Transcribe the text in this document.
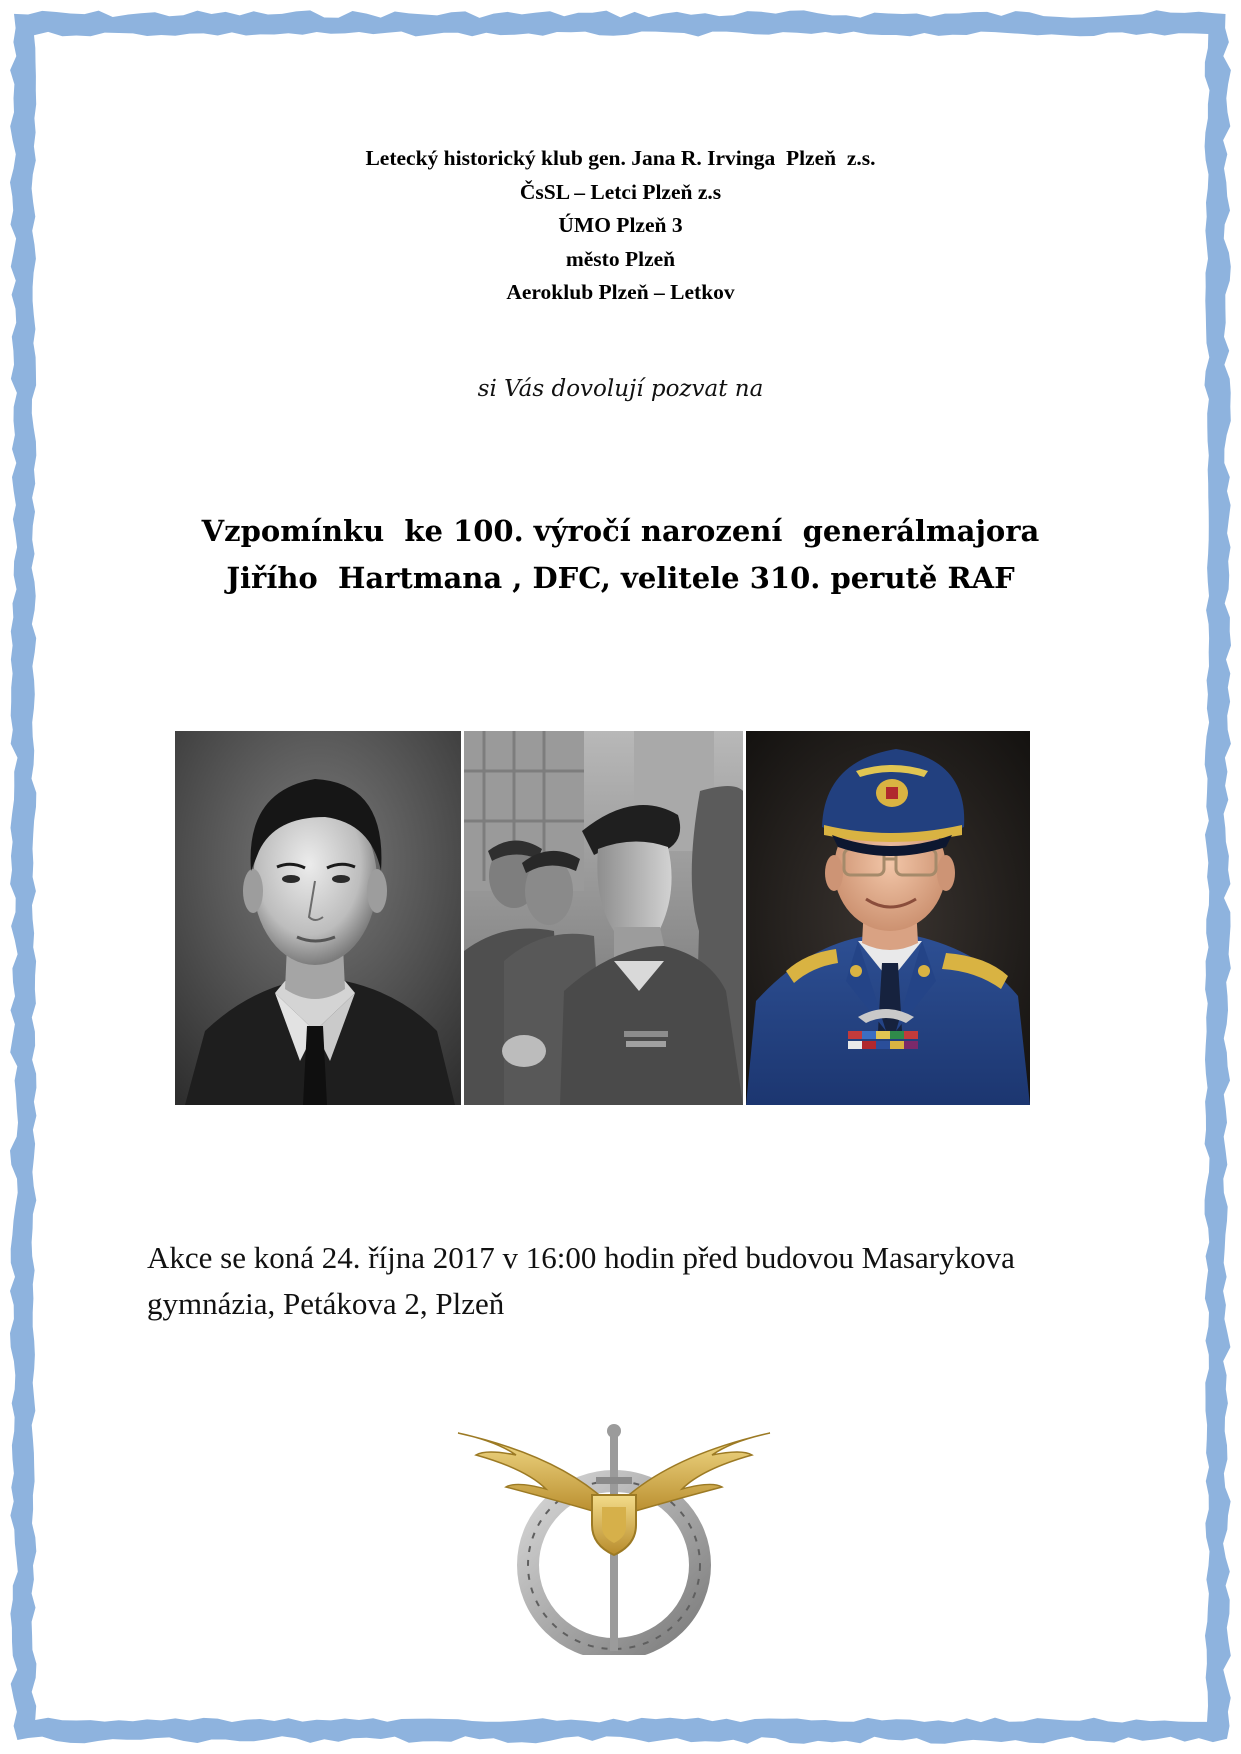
Letecký historický klub gen. Jana R. Irvinga  Plzeň  z.s.
ČsSL – Letci Plzeň z.s
ÚMO Plzeň 3
město Plzeň
Aeroklub Plzeň – Letkov
si Vás dovolují pozvat na
Vzpomínku  ke 100. výročí narození  generálmajora
Jiřího  Hartmana , DFC, velitele 310. perutě RAF
Akce se koná 24. října 2017 v 16:00 hodin před budovou Masarykova
gymnázia, Petákova 2, Plzeň
